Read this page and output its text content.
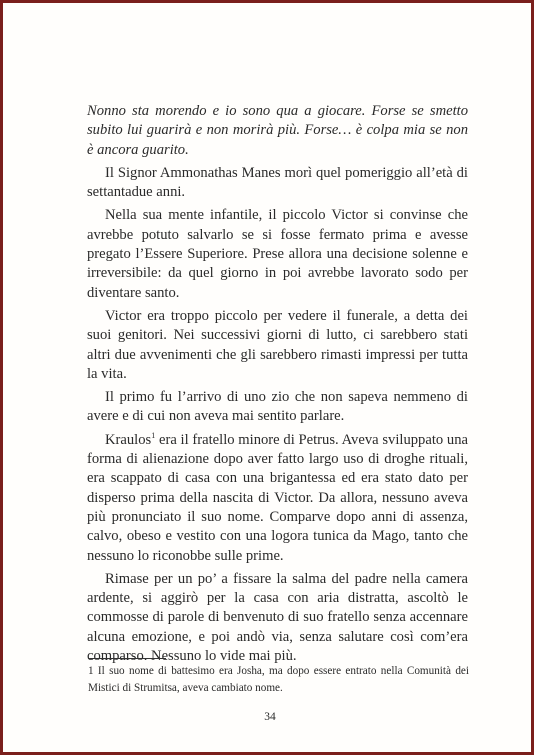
Nonno sta morendo e io sono qua a giocare. Forse se smetto subito lui guarirà e non morirà più. Forse… è colpa mia se non è ancora guarito.

Il Signor Ammonathas Manes morì quel pomeriggio all’età di settantadue anni.

Nella sua mente infantile, il piccolo Victor si convinse che avrebbe potuto salvarlo se si fosse fermato prima e avesse pregato l’Essere Superiore. Prese allora una decisione solenne e irreversibile: da quel giorno in poi avrebbe lavorato sodo per diventare santo.

Victor era troppo piccolo per vedere il funerale, a detta dei suoi genitori. Nei successivi giorni di lutto, ci sarebbero stati altri due avvenimenti che gli sarebbero rimasti impressi per tutta la vita.

Il primo fu l’arrivo di uno zio che non sapeva nemmeno di avere e di cui non aveva mai sentito parlare.

Kraulos$^1$ era il fratello minore di Petrus. Aveva sviluppato una forma di alienazione dopo aver fatto largo uso di droghe rituali, era scappato di casa con una brigantessa ed era stato dato per disperso prima della nascita di Victor. Da allora, nessuno aveva più pronunciato il suo nome. Comparve dopo anni di assenza, calvo, obeso e vestito con una logora tunica da Mago, tanto che nessuno lo riconobbe sulle prime.

Rimase per un po’ a fissare la salma del padre nella camera ardente, si aggirò per la casa con aria distratta, ascoltò le commosse di parole di benvenuto di suo fratello senza accennare alcuna emozione, e poi andò via, senza salutare così com’era comparso. Nessuno lo vide mai più.

1 Il suo nome di battesimo era Josha, ma dopo essere entrato nella Comunità dei Mistici di Strumitsa, aveva cambiato nome.
34
